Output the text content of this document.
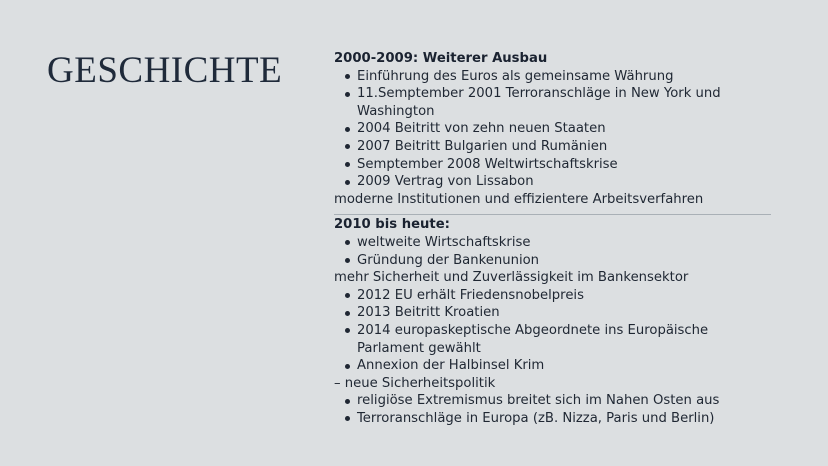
GESCHICHTE	2000-2009: Weiterer Ausbau
Einführung des Euros als gemeinsame Währung
11.Semptember 2001 Terroranschläge in New York und Washington
2004 Beitritt von zehn neuen Staaten
2007 Beitritt Bulgarien und Rumänien
Semptember 2008 Weltwirtschaftskrise
2009 Vertrag von Lissabon
moderne Institutionen und effizientere Arbeitsverfahren
2010 bis heute:
weltweite Wirtschaftskrise
Gründung der Bankenunion
mehr Sicherheit und Zuverlässigkeit im Bankensektor
2012 EU erhält Friedensnobelpreis
2013 Beitritt Kroatien
2014 europaskeptische Abgeordnete ins Europäische Parlament gewählt
Annexion der Halbinsel Krim
– neue Sicherheitspolitik
religiöse Extremismus breitet sich im Nahen Osten aus
Terroranschläge in Europa (zB. Nizza, Paris und Berlin)
